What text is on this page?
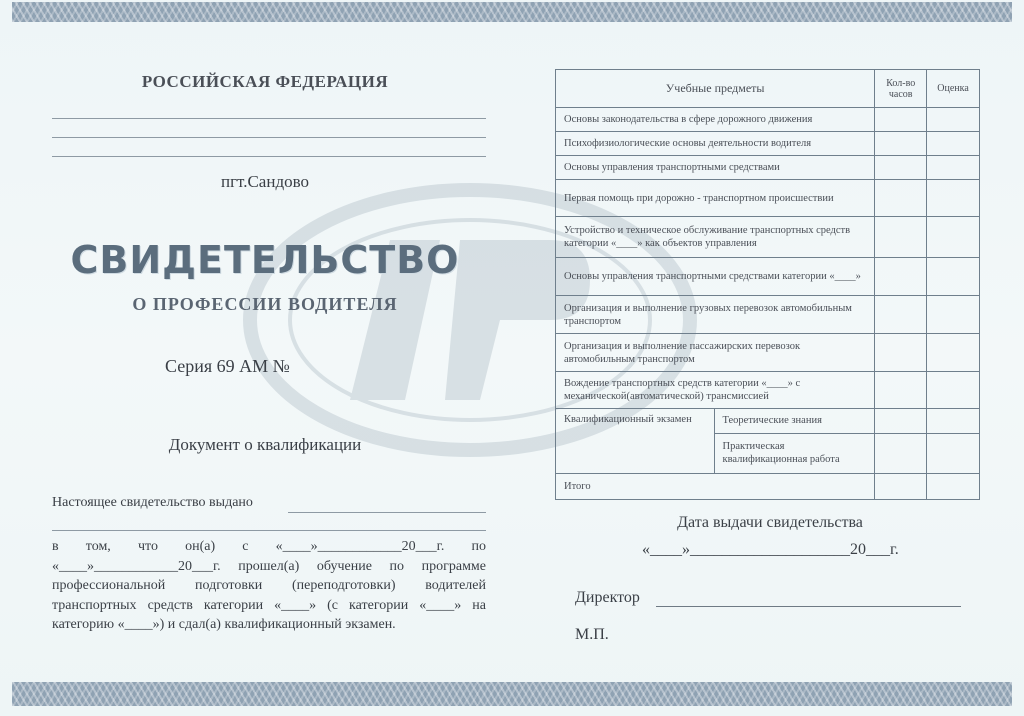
РОССИЙСКАЯ ФЕДЕРАЦИЯ
пгт.Сандово
СВИДЕТЕЛЬСТВО
О ПРОФЕССИИ ВОДИТЕЛЯ
Серия 69 АМ №
Документ о квалификации
Настоящее свидетельство выдано
в том, что он(а) с «____»____________20___г. по «____»____________20___г. прошел(а) обучение по программе профессиональной подготовки (переподготовки) водителей транспортных средств категории «____» (с категории «____» на категорию «____») и сдал(а) квалификационный экзамен.
Учебные предметы	Кол-во часов	Оценка
Основы законодательства в сфере дорожного движения		
Психофизиологические основы деятельности водителя		
Основы управления транспортными средствами		
Первая помощь при дорожно - транспортном происшествии		
Устройство и техническое обслуживание транспортных средств категории «____» как объектов управления		
Основы управления транспортными средствами категории «____»		
Организация и выполнение грузовых перевозок автомобильным транспортом		
Организация и выполнение пассажирских перевозок автомобильным транспортом		
Вождение транспортных средств категории «____» с механической(автоматической) трансмиссией		

Квалификационный экзамен	Теоретические знания
Практическая квалификационная работа

Итого		
Дата выдачи свидетельства
«____»____________________20___г.
Директор
М.П.
